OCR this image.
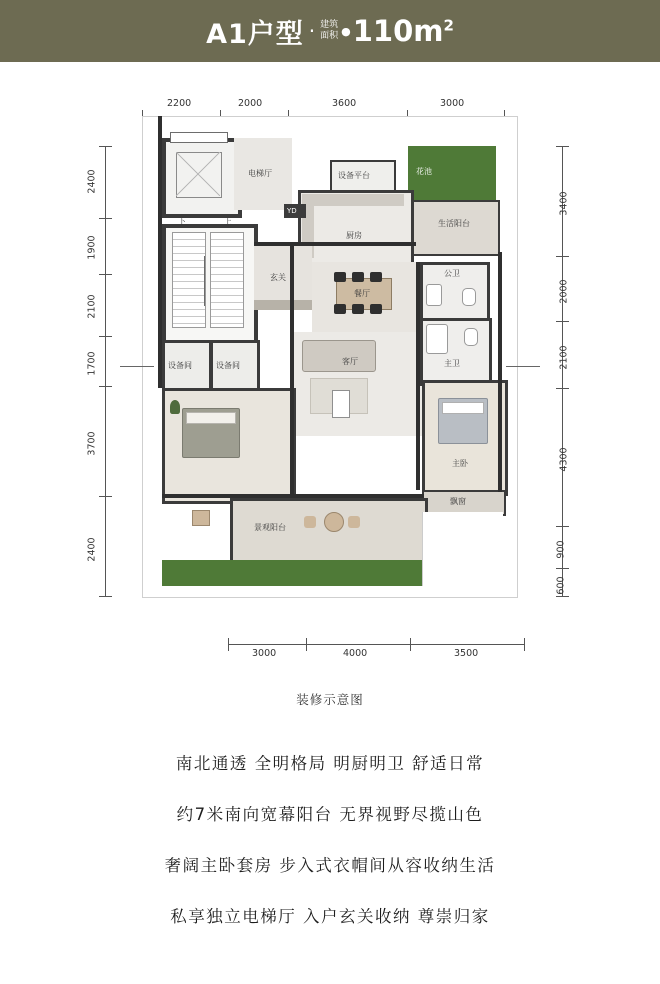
A1户型 · 建筑
面积 ● $110m^2$
2200	2000	3600	3000
3000	4000	3500
2400
1900
2100
1700
3700
2400
3400
2000
2100
4300
900
600
电梯厅
下	上
设备间	设备间
设备平台	花池
生活阳台
厨房
YD
玄关	公卫
餐厅
客厅	主卫
主卧
飘窗
景观阳台
装修示意图
南北通透 全明格局 明厨明卫 舒适日常
约7米南向宽幕阳台 无界视野尽揽山色
奢阔主卧套房 步入式衣帽间从容收纳生活
私享独立电梯厅 入户玄关收纳 尊崇归家
